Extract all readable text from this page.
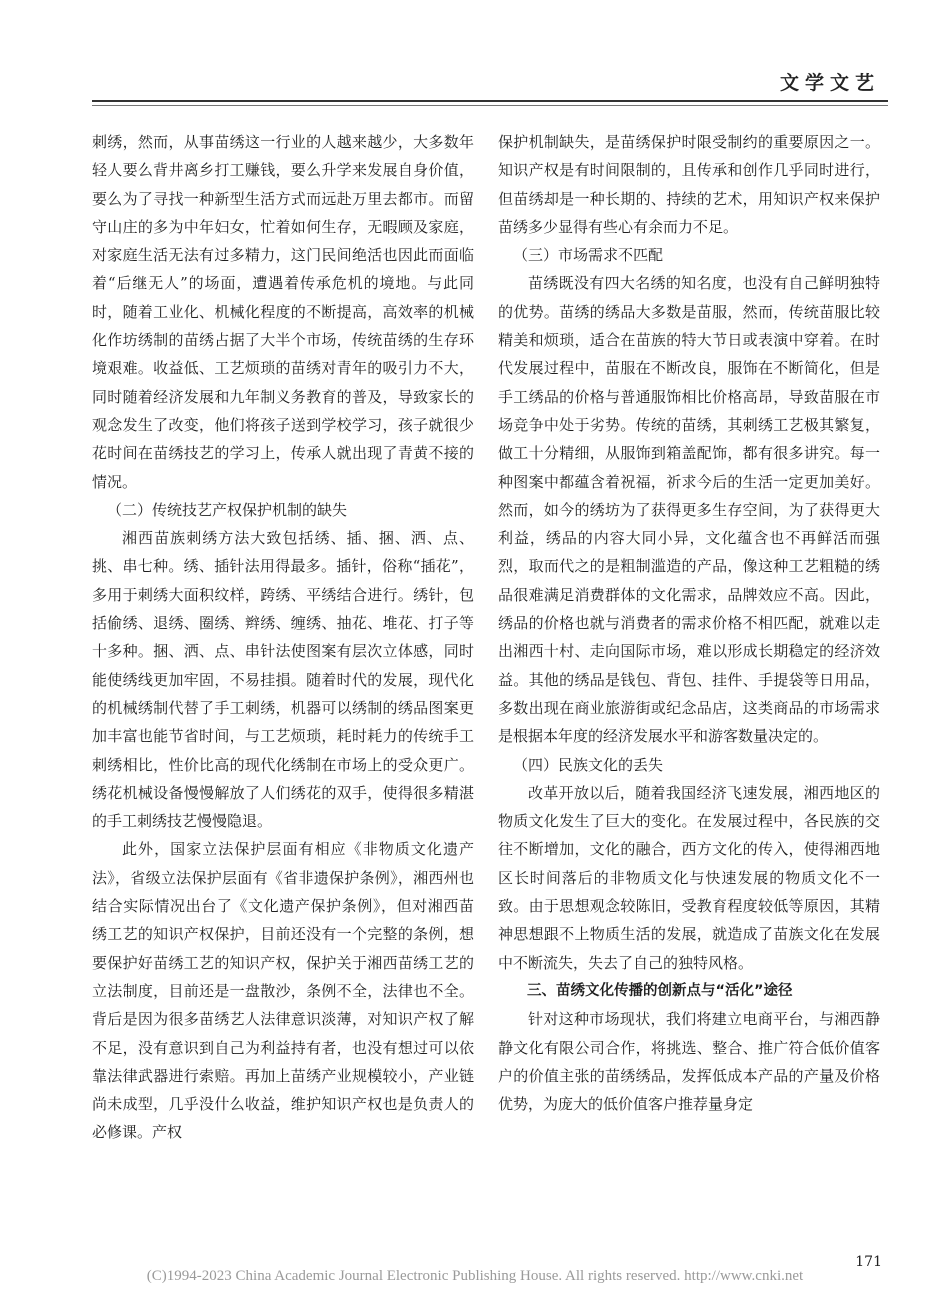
文学文艺

刺绣，然而，从事苗绣这一行业的人越来越少，大多数年轻人要么背井离乡打工赚钱，要么升学来发展自身价值，要么为了寻找一种新型生活方式而远赴万里去都市。而留守山庄的多为中年妇女，忙着如何生存，无暇顾及家庭，对家庭生活无法有过多精力，这门民间绝活也因此而面临着“后继无人”的场面，遭遇着传承危机的境地。与此同时，随着工业化、机械化程度的不断提高，高效率的机械化作坊绣制的苗绣占据了大半个市场，传统苗绣的生存环境艰难。收益低、工艺烦琐的苗绣对青年的吸引力不大，同时随着经济发展和九年制义务教育的普及，导致家长的观念发生了改变，他们将孩子送到学校学习，孩子就很少花时间在苗绣技艺的学习上，传承人就出现了青黄不接的情况。

（二）传统技艺产权保护机制的缺失

湘西苗族刺绣方法大致包括绣、插、捆、洒、点、挑、串七种。绣、插针法用得最多。插针，俗称“插花”，多用于刺绣大面积纹样，跨绣、平绣结合进行。绣针，包括偷绣、退绣、圈绣、辫绣、缠绣、抽花、堆花、打子等十多种。捆、洒、点、串针法使图案有层次立体感，同时能使绣线更加牢固，不易挂損。随着时代的发展，现代化的机械绣制代替了手工刺绣，机器可以绣制的绣品图案更加丰富也能节省时间，与工艺烦琐，耗时耗力的传统手工刺绣相比，性价比高的现代化绣制在市场上的受众更广。绣花机械设备慢慢解放了人们绣花的双手，使得很多精湛的手工刺绣技艺慢慢隐退。

此外，国家立法保护层面有相应《非物质文化遗产法》，省级立法保护层面有《省非遗保护条例》，湘西州也结合实际情况出台了《文化遗产保护条例》，但对湘西苗绣工艺的知识产权保护，目前还没有一个完整的条例，想要保护好苗绣工艺的知识产权，保护关于湘西苗绣工艺的立法制度，目前还是一盘散沙，条例不全，法律也不全。背后是因为很多苗绣艺人法律意识淡薄，对知识产权了解不足，没有意识到自己为利益持有者，也没有想过可以依靠法律武器进行索赔。再加上苗绣产业规模较小，产业链尚未成型，几乎没什么收益，维护知识产权也是负责人的必修课。产权

保护机制缺失，是苗绣保护时限受制约的重要原因之一。知识产权是有时间限制的，且传承和创作几乎同时进行，但苗绣却是一种长期的、持续的艺术，用知识产权来保护苗绣多少显得有些心有余而力不足。

（三）市场需求不匹配

苗绣既没有四大名绣的知名度，也没有自己鲜明独特的优势。苗绣的绣品大多数是苗服，然而，传统苗服比较精美和烦琐，适合在苗族的特大节日或表演中穿着。在时代发展过程中，苗服在不断改良，服饰在不断简化，但是手工绣品的价格与普通服饰相比价格高昂，导致苗服在市场竞争中处于劣势。传统的苗绣，其刺绣工艺极其繁复，做工十分精细，从服饰到箱盖配饰，都有很多讲究。每一种图案中都蕴含着祝福，祈求今后的生活一定更加美好。然而，如今的绣坊为了获得更多生存空间，为了获得更大利益，绣品的内容大同小异，文化蕴含也不再鲜活而强烈，取而代之的是粗制滥造的产品，像这种工艺粗糙的绣品很难满足消费群体的文化需求，品牌效应不高。因此，绣品的价格也就与消费者的需求价格不相匹配，就难以走出湘西十村、走向国际市场，难以形成长期稳定的经济效益。其他的绣品是钱包、背包、挂件、手提袋等日用品，多数出现在商业旅游街或纪念品店，这类商品的市场需求是根据本年度的经济发展水平和游客数量决定的。

（四）民族文化的丢失

改革开放以后，随着我国经济飞速发展，湘西地区的物质文化发生了巨大的变化。在发展过程中，各民族的交往不断增加，文化的融合，西方文化的传入，使得湘西地区长时间落后的非物质文化与快速发展的物质文化不一致。由于思想观念较陈旧，受教育程度较低等原因，其精神思想跟不上物质生活的发展，就造成了苗族文化在发展中不断流失，失去了自己的独特风格。

三、苗绣文化传播的创新点与“活化”途径

针对这种市场现状，我们将建立电商平台，与湘西静静文化有限公司合作，将挑选、整合、推广符合低价值客户的价值主张的苗绣绣品，发挥低成本产品的产量及价格优势，为庞大的低价值客户推荐量身定

171
(C)1994-2023 China Academic Journal Electronic Publishing House. All rights reserved. http://www.cnki.net
